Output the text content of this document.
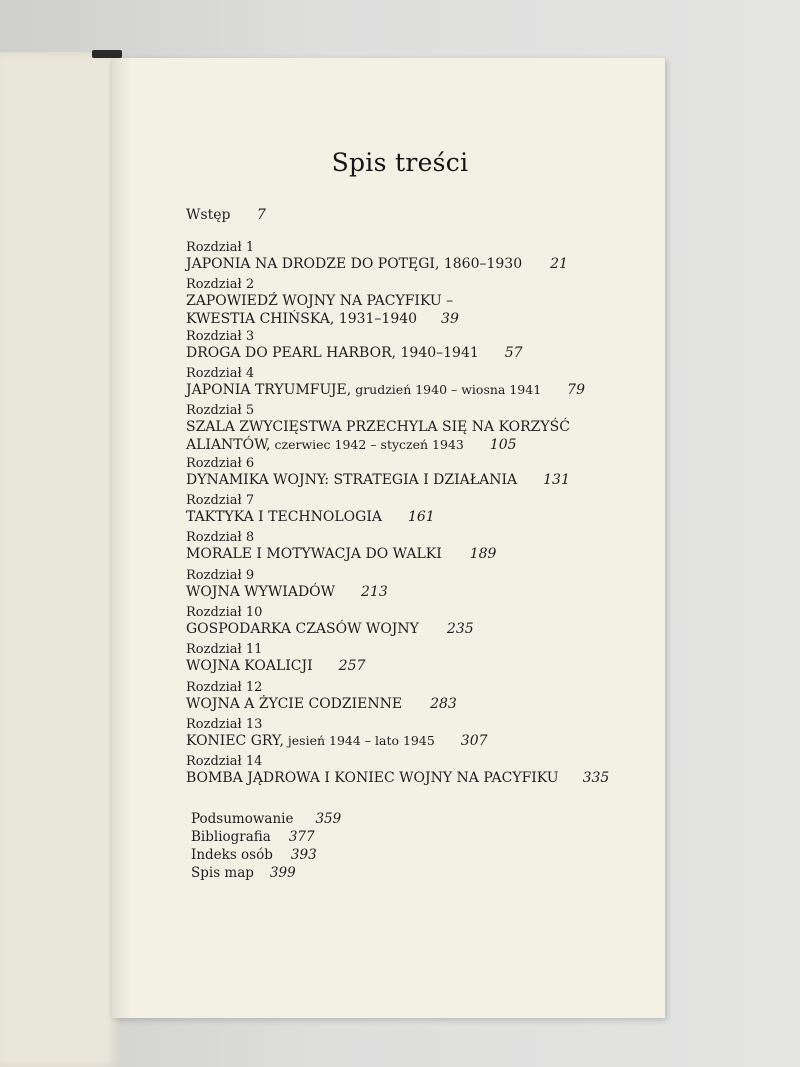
Spis treści
Wstęp 7
Rozdział 1
JAPONIA NA DRODZE DO POTĘGI, 1860–1930 21
Rozdział 2
ZAPOWIEDŹ WOJNY NA PACYFIKU –
KWESTIA CHIŃSKA, 1931–1940 39
Rozdział 3
DROGA DO PEARL HARBOR, 1940–1941 57
Rozdział 4
JAPONIA TRYUMFUJE, grudzień 1940 – wiosna 1941 79
Rozdział 5
SZALA ZWYCIĘSTWA PRZECHYLA SIĘ NA KORZYŚĆ
ALIANTÓW, czerwiec 1942 – styczeń 1943 105
Rozdział 6
DYNAMIKA WOJNY: STRATEGIA I DZIAŁANIA 131
Rozdział 7
TAKTYKA I TECHNOLOGIA 161
Rozdział 8
MORALE I MOTYWACJA DO WALKI 189
Rozdział 9
WOJNA WYWIADÓW 213
Rozdział 10
GOSPODARKA CZASÓW WOJNY 235
Rozdział 11
WOJNA KOALICJI 257
Rozdział 12
WOJNA A ŻYCIE CODZIENNE 283
Rozdział 13
KONIEC GRY, jesień 1944 – lato 1945 307
Rozdział 14
BOMBA JĄDROWA I KONIEC WOJNY NA PACYFIKU 335
Podsumowanie 359
Bibliografia 377
Indeks osób 393
Spis map 399
